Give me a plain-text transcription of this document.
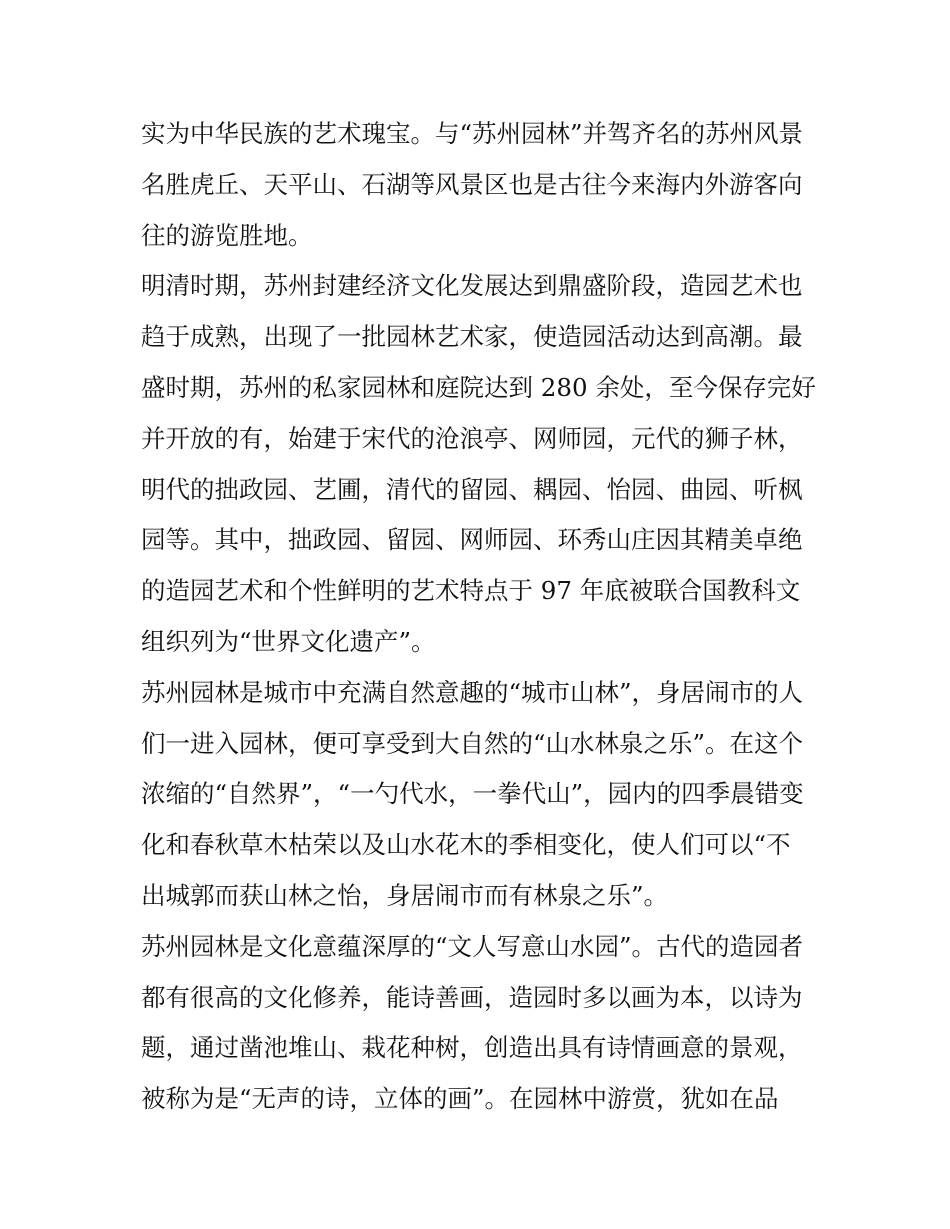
实为中华民族的艺术瑰宝。与“苏州园林”并驾齐名的苏州风景
名胜虎丘、天平山、石湖等风景区也是古往今来海内外游客向
往的游览胜地。
明清时期，苏州封建经济文化发展达到鼎盛阶段，造园艺术也
趋于成熟，出现了一批园林艺术家，使造园活动达到高潮。最
盛时期，苏州的私家园林和庭院达到 280 余处，至今保存完好
并开放的有，始建于宋代的沧浪亭、网师园，元代的狮子林，
明代的拙政园、艺圃，清代的留园、耦园、怡园、曲园、听枫
园等。其中，拙政园、留园、网师园、环秀山庄因其精美卓绝
的造园艺术和个性鲜明的艺术特点于 97 年底被联合国教科文
组织列为“世界文化遗产”。
苏州园林是城市中充满自然意趣的“城市山林”，身居闹市的人
们一进入园林，便可享受到大自然的“山水林泉之乐”。在这个
浓缩的“自然界”，“一勺代水，一拳代山”，园内的四季晨错变
化和春秋草木枯荣以及山水花木的季相变化，使人们可以“不
出城郭而获山林之怡，身居闹市而有林泉之乐”。
苏州园林是文化意蕴深厚的“文人写意山水园”。古代的造园者
都有很高的文化修养，能诗善画，造园时多以画为本，以诗为
题，通过凿池堆山、栽花种树，创造出具有诗情画意的景观，
被称为是“无声的诗，立体的画”。在园林中游赏，犹如在品
